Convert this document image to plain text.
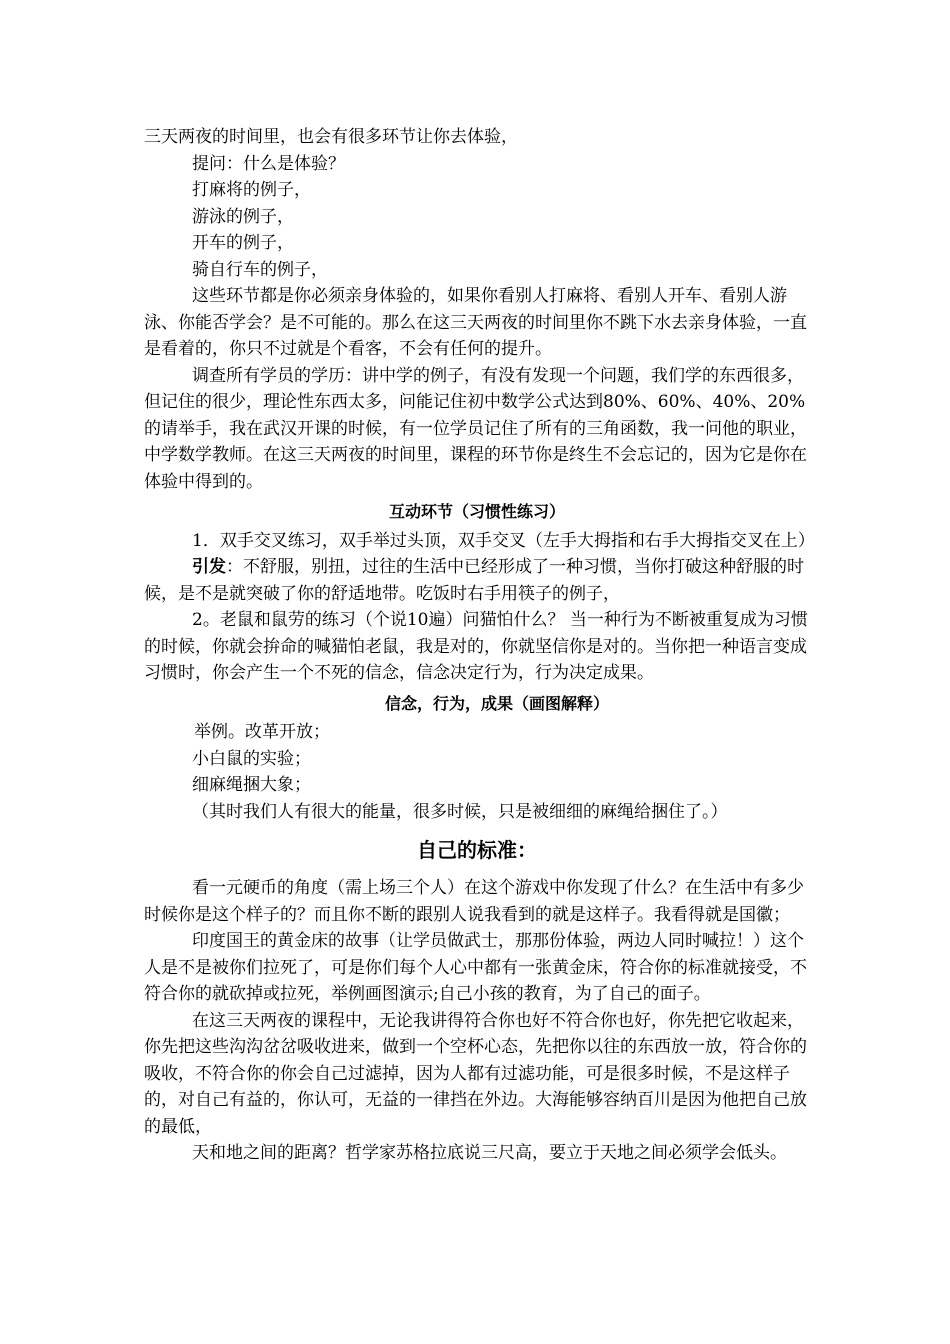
三天两夜的时间里，也会有很多环节让你去体验，

提问：什么是体验？

打麻将的例子，

游泳的例子，

开车的例子，

骑自行车的例子，

这些环节都是你必须亲身体验的，如果你看别人打麻将、看别人开车、看别人游泳、你能否学会？是不可能的。那么在这三天两夜的时间里你不跳下水去亲身体验，一直是看着的，你只不过就是个看客，不会有任何的提升。

调查所有学员的学历：讲中学的例子，有没有发现一个问题，我们学的东西很多，但记住的很少，理论性东西太多，问能记住初中数学公式达到80%、60%、40%、20%的请举手，我在武汉开课的时候，有一位学员记住了所有的三角函数，我一问他的职业，中学数学教师。在这三天两夜的时间里，课程的环节你是终生不会忘记的，因为它是你在体验中得到的。

互动环节（习惯性练习）

1．双手交叉练习，双手举过头顶，双手交叉（左手大拇指和右手大拇指交叉在上）

引发：不舒服，别扭，过往的生活中已经形成了一种习惯，当你打破这种舒服的时候，是不是就突破了你的舒适地带。吃饭时右手用筷子的例子，

2。老鼠和鼠劳的练习（个说10遍）问猫怕什么？ 当一种行为不断被重复成为习惯的时候，你就会拚命的喊猫怕老鼠，我是对的，你就坚信你是对的。当你把一种语言变成习惯时，你会产生一个不死的信念，信念决定行为，行为决定成果。

信念，行为，成果（画图解释）

举例。改革开放；

小白鼠的实验；

细麻绳捆大象；

（其时我们人有很大的能量，很多时候，只是被细细的麻绳给捆住了。）

自己的标准：

看一元硬币的角度（需上场三个人）在这个游戏中你发现了什么？在生活中有多少时候你是这个样子的？而且你不断的跟别人说我看到的就是这样子。我看得就是国徽；

印度国王的黄金床的故事（让学员做武士，那那份体验，两边人同时喊拉！）这个人是不是被你们拉死了，可是你们每个人心中都有一张黄金床，符合你的标准就接受，不符合你的就砍掉或拉死，举例画图演示;自己小孩的教育，为了自己的面子。

在这三天两夜的课程中，无论我讲得符合你也好不符合你也好，你先把它收起来，你先把这些沟沟岔岔吸收进来，做到一个空杯心态，先把你以往的东西放一放，符合你的吸收，不符合你的你会自己过滤掉，因为人都有过滤功能，可是很多时候，不是这样子的，对自己有益的，你认可，无益的一律挡在外边。大海能够容纳百川是因为他把自己放的最低，

天和地之间的距离？哲学家苏格拉底说三尺高，要立于天地之间必须学会低头。
